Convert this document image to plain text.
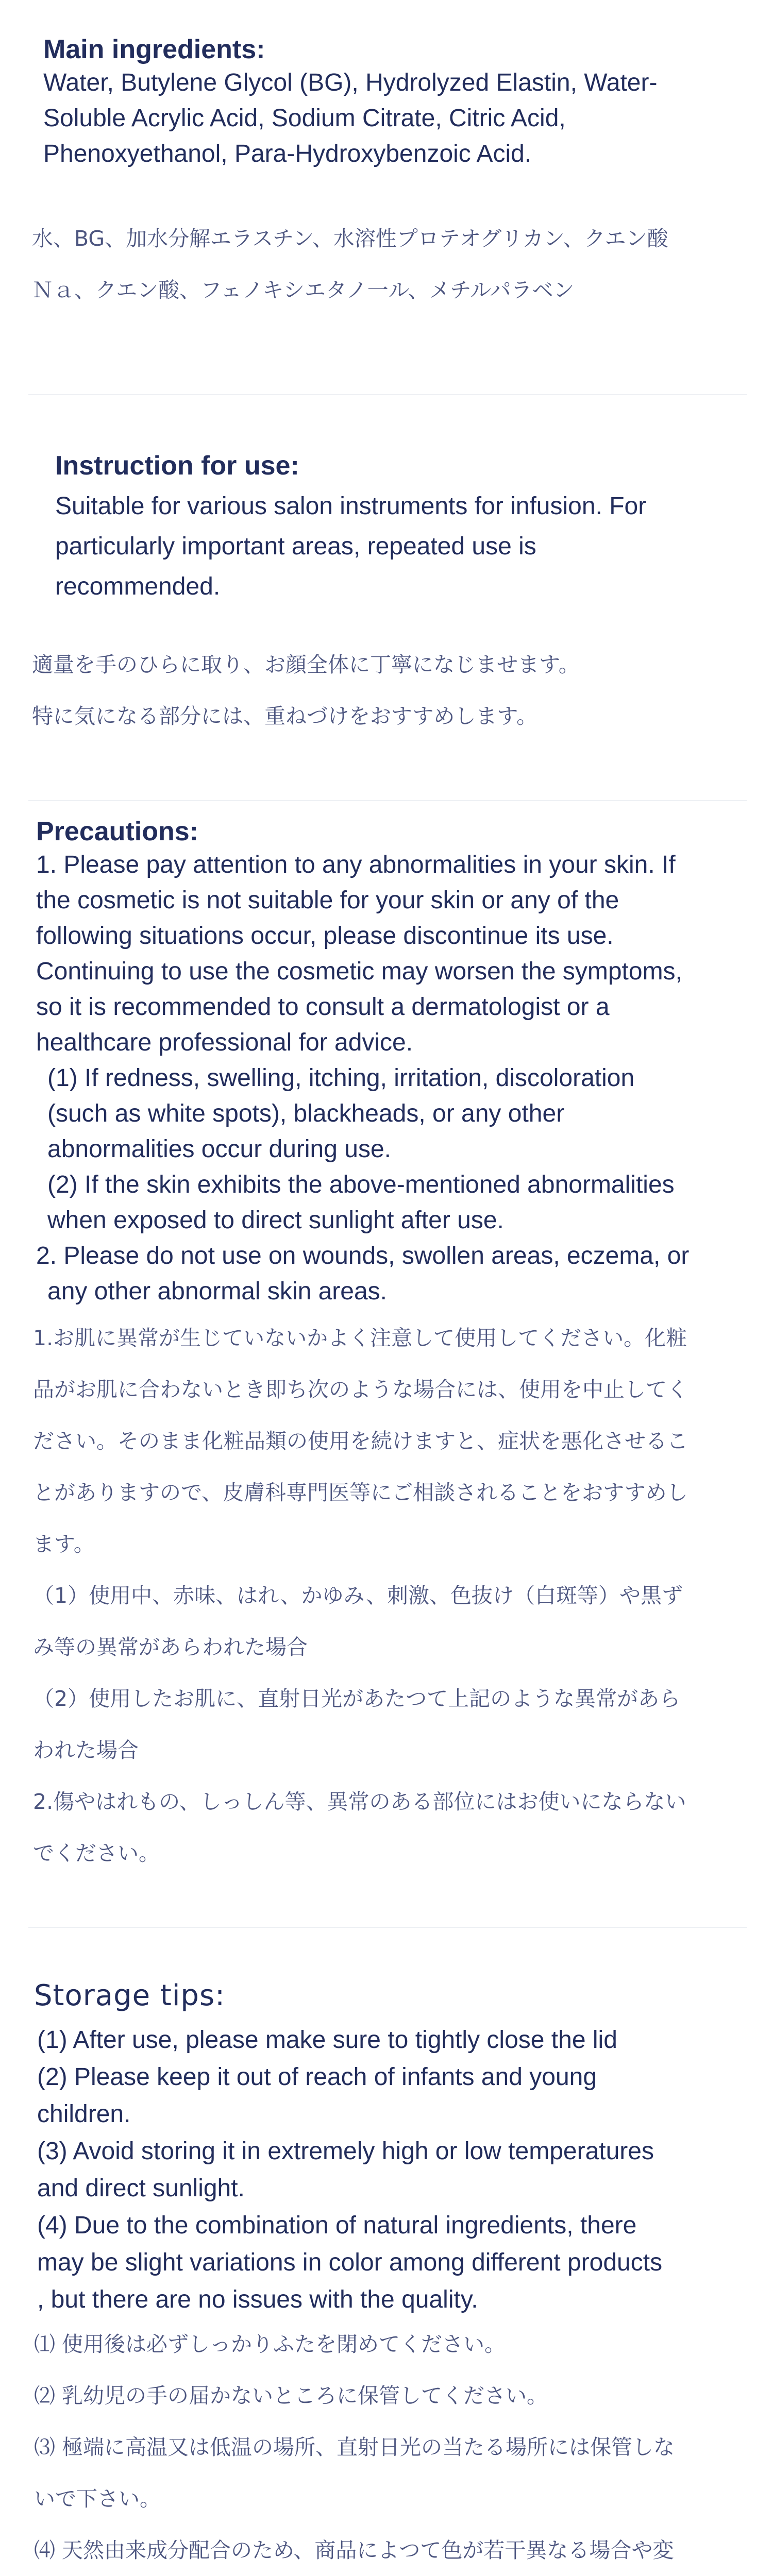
Main ingredients:
Water, Butylene Glycol (BG), Hydrolyzed Elastin, Water-
Soluble Acrylic Acid, Sodium Citrate, Citric Acid,
Phenoxyethanol, Para-Hydroxybenzoic Acid.
水、BG、加水分解エラスチン、水溶性プロテオグリカン、クエン酸
Ｎａ、クエン酸、フェノキシエタノ一ル、メチルパラベン
Instruction for use:
Suitable for various salon instruments for infusion. For
particularly important areas, repeated use is
recommended.
適量を手のひらに取り、お顔全体に丁寧になじませます。
特に気になる部分には、重ねづけをおすすめします。
Precautions:
1. Please pay attention to any abnormalities in your skin. If
the cosmetic is not suitable for your skin or any of the
following situations occur, please discontinue its use.
Continuing to use the cosmetic may worsen the symptoms,
so it is recommended to consult a dermatologist or a
healthcare professional for advice.
(1) If redness, swelling, itching, irritation, discoloration
(such as white spots), blackheads, or any other
abnormalities occur during use.
(2) If the skin exhibits the above-mentioned abnormalities
when exposed to direct sunlight after use.
2. Please do not use on wounds, swollen areas, eczema, or
any other abnormal skin areas.
1.お肌に異常が生じていないかよく注意して使用してください。化粧
品がお肌に合わないとき即ち次のような場合には、使用を中止してく
ださい。そのまま化粧品類の使用を続けますと、症状を悪化させるこ
とがありますので、皮膚科専門医等にご相談されることをおすすめし
ます。
（1）使用中、赤味、はれ、かゆみ、刺激、色抜け（白斑等）や黒ず
み等の異常があらわれた場合
（2）使用したお肌に、直射日光があたつて上記のような異常があら
われた場合
2.傷やはれもの、しっしん等、異常のある部位にはお使いにならない
でください。
Storage tips:
(1) After use, please make sure to tightly close the lid
(2) Please keep it out of reach of infants and young
children.
(3) Avoid storing it in extremely high or low temperatures
and direct sunlight.
(4) Due to the combination of natural ingredients, there
may be slight variations in color among different products
, but there are no issues with the quality.
⑴ 使用後は必ずしっかりふたを閉めてください。
⑵ 乳幼児の手の届かないところに保管してください。
⑶ 極端に高温又は低温の場所、直射日光の当たる場所には保管しな
いで下さい。
⑷ 天然由来成分配合のため、商品によつて色が若干異なる場合や変
